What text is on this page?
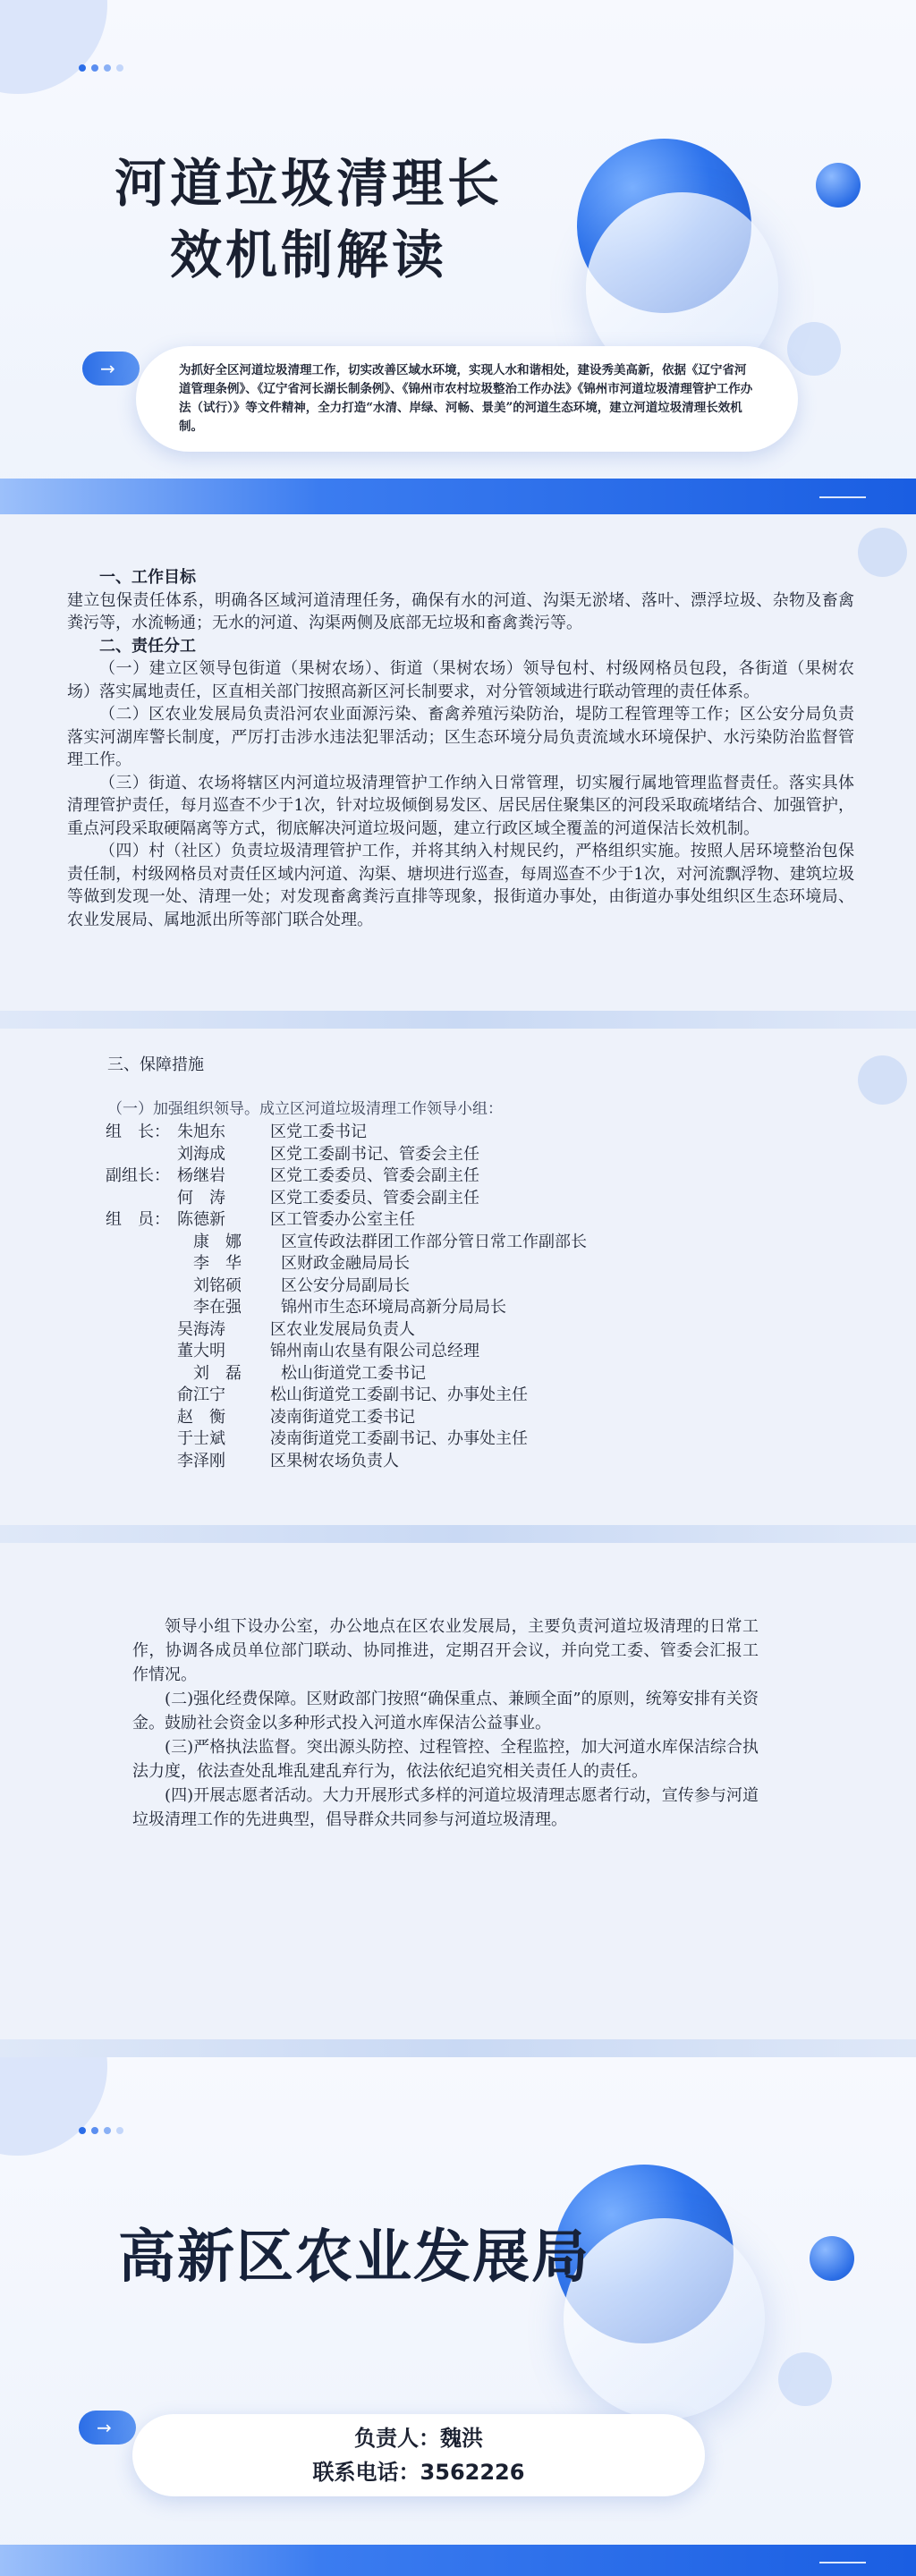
河道垃圾清理长
效机制解读
→	为抓好全区河道垃圾清理工作，切实改善区域水环境，实现人水和谐相处，建设秀美高新，依据《辽宁省河道管理条例》、《辽宁省河长湖长制条例》、《锦州市农村垃圾整治工作办法》《锦州市河道垃圾清理管护工作办法（试行）》等文件精神，全力打造“水清、岸绿、河畅、景美”的河道生态环境，建立河道垃圾清理长效机制。

一、工作目标

建立包保责任体系，明确各区域河道清理任务，确保有水的河道、沟渠无淤堵、落叶、漂浮垃圾、杂物及畜禽粪污等，水流畅通；无水的河道、沟渠两侧及底部无垃圾和畜禽粪污等。

二、责任分工

（一）建立区领导包街道（果树农场）、街道（果树农场）领导包村、村级网格员包段，各街道（果树农场）落实属地责任，区直相关部门按照高新区河长制要求，对分管领域进行联动管理的责任体系。

（二）区农业发展局负责沿河农业面源污染、畜禽养殖污染防治，堤防工程管理等工作；区公安分局负责落实河湖库警长制度，严厉打击涉水违法犯罪活动；区生态环境分局负责流域水环境保护、水污染防治监督管理工作。

（三）街道、农场将辖区内河道垃圾清理管护工作纳入日常管理，切实履行属地管理监督责任。落实具体清理管护责任，每月巡查不少于1次，针对垃圾倾倒易发区、居民居住聚集区的河段采取疏堵结合、加强管护，重点河段采取硬隔离等方式，彻底解决河道垃圾问题，建立行政区域全覆盖的河道保洁长效机制。

（四）村（社区）负责垃圾清理管护工作，并将其纳入村规民约，严格组织实施。按照人居环境整治包保责任制，村级网格员对责任区域内河道、沟渠、塘坝进行巡查，每周巡查不少于1次，对河流飘浮物、建筑垃圾等做到发现一处、清理一处；对发现畜禽粪污直排等现象，报街道办事处，由街道办事处组织区生态环境局、农业发展局、属地派出所等部门联合处理。

三、保障措施

（一）加强组织领导。成立区河道垃圾清理工作领导小组：

组　长： 朱旭东	区党工委书记
刘海成	区党工委副书记、管委会主任
副组长： 杨继岩	区党工委委员、管委会副主任
何　涛	区党工委委员、管委会副主任
组　员： 陈德新	区工管委办公室主任
康　娜	区宣传政法群团工作部分管日常工作副部长
李　华	区财政金融局局长
刘铭硕	区公安分局副局长
李在强	锦州市生态环境局高新分局局长
吴海涛	区农业发展局负责人
董大明	锦州南山农垦有限公司总经理
刘　磊	松山街道党工委书记
俞江宁	松山街道党工委副书记、办事处主任
赵　衡	凌南街道党工委书记
于士斌	凌南街道党工委副书记、办事处主任
李泽刚	区果树农场负责人

领导小组下设办公室，办公地点在区农业发展局，主要负责河道垃圾清理的日常工作，协调各成员单位部门联动、协同推进，定期召开会议，并向党工委、管委会汇报工作情况。

(二)强化经费保障。区财政部门按照“确保重点、兼顾全面”的原则，统筹安排有关资金。鼓励社会资金以多种形式投入河道水库保洁公益事业。

(三)严格执法监督。突出源头防控、过程管控、全程监控，加大河道水库保洁综合执法力度，依法查处乱堆乱建乱弃行为，依法依纪追究相关责任人的责任。

(四)开展志愿者活动。大力开展形式多样的河道垃圾清理志愿者行动，宣传参与河道垃圾清理工作的先进典型，倡导群众共同参与河道垃圾清理。

高新区农业发展局
→	负责人：魏洪
联系电话：3562226
